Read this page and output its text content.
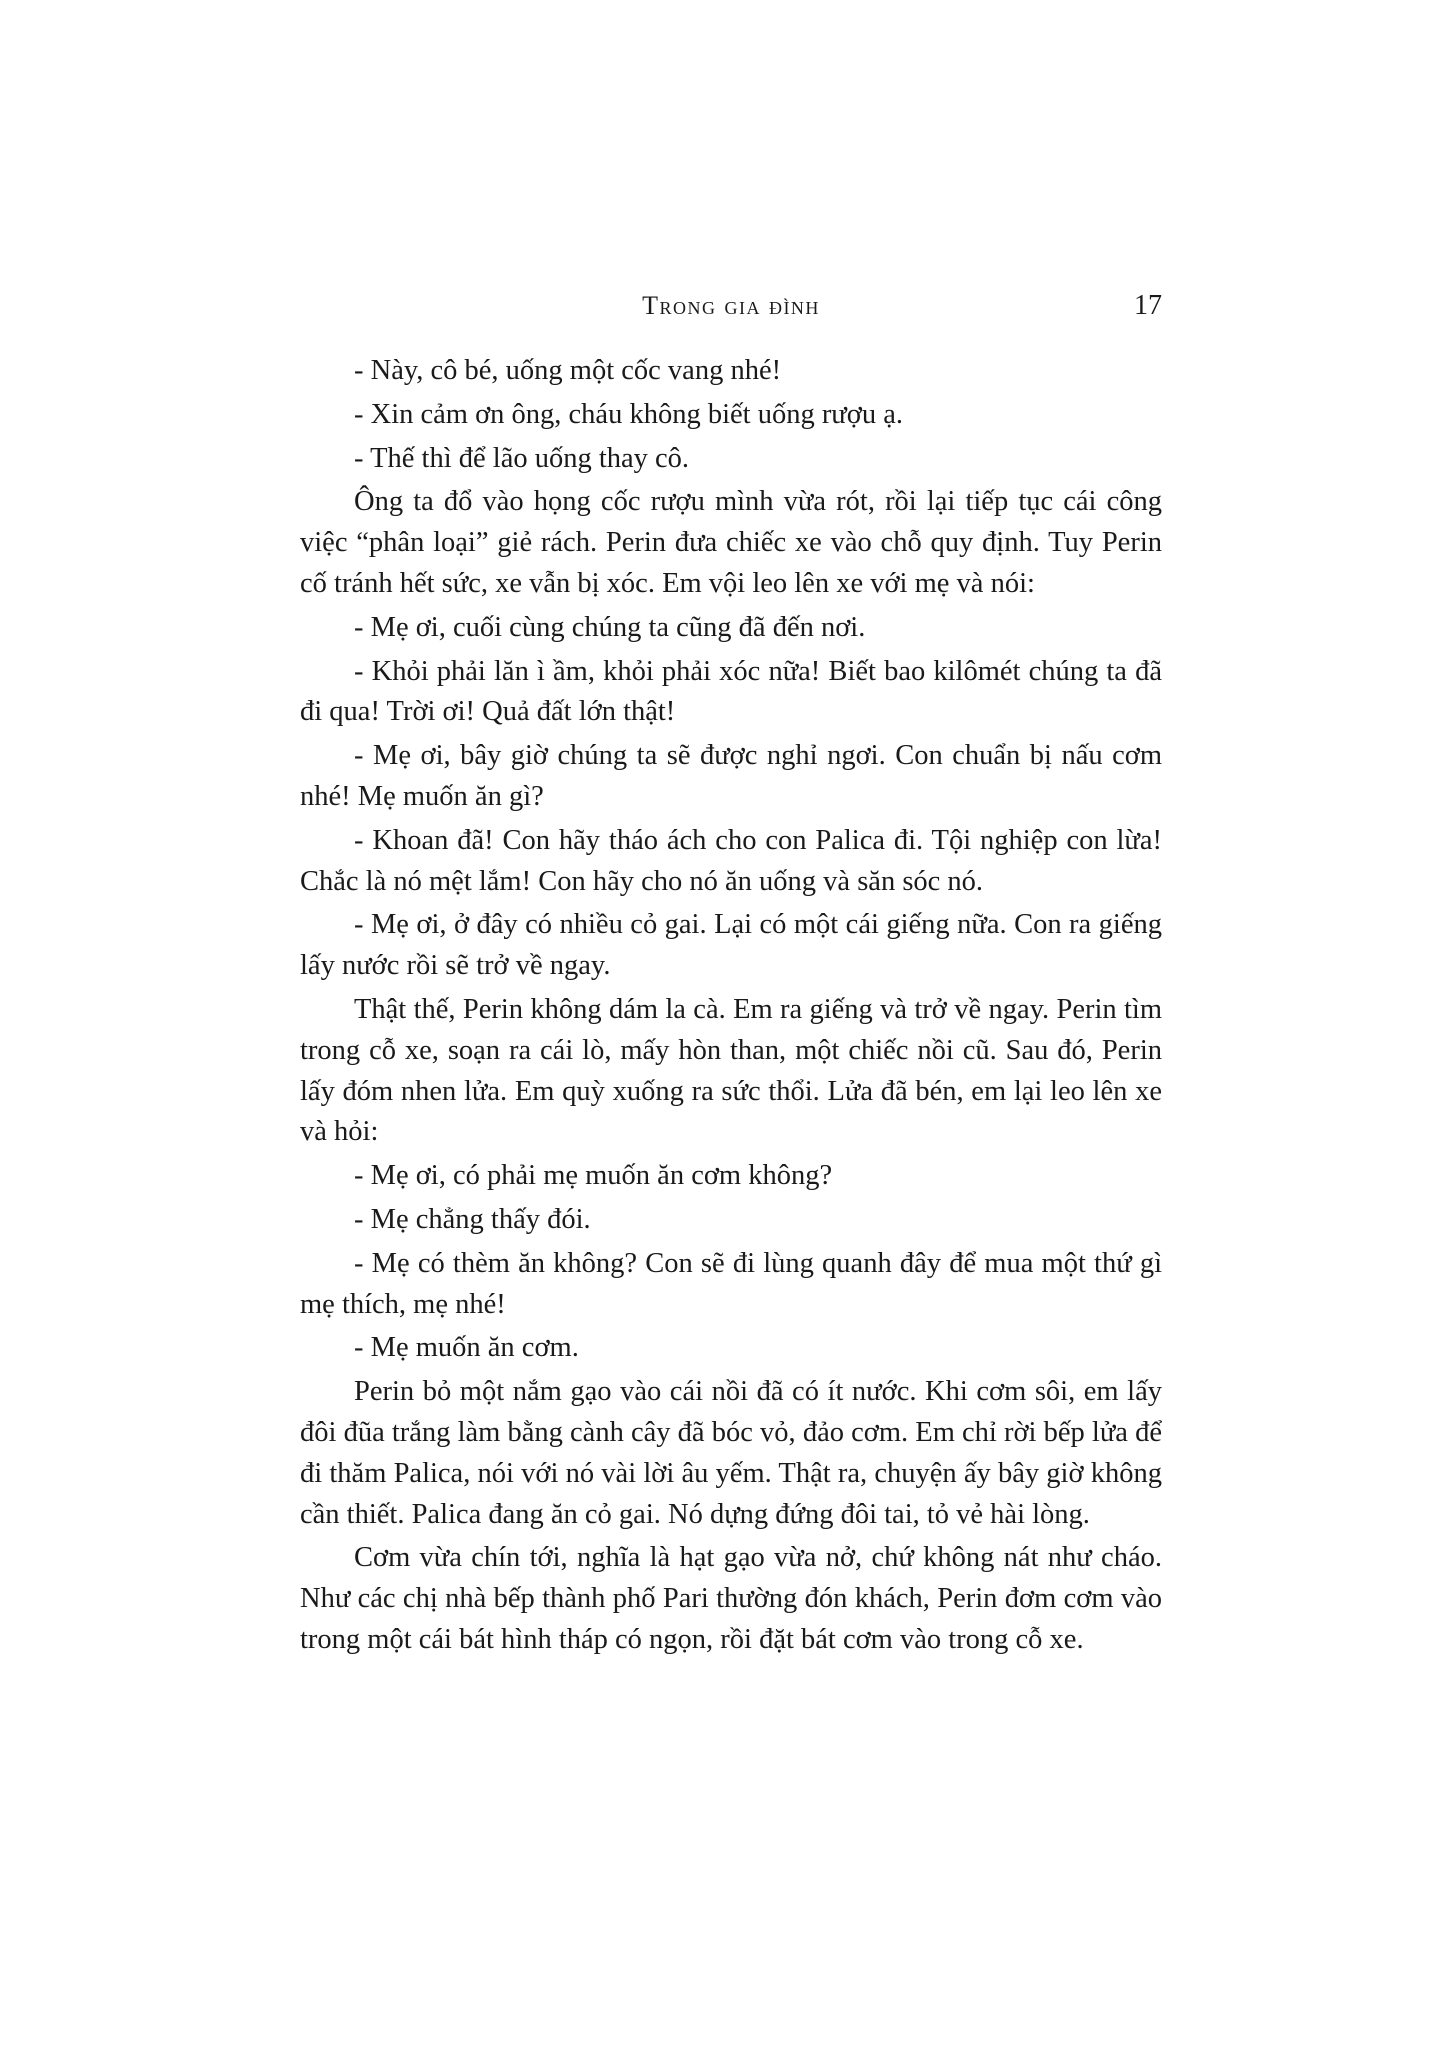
Trong gia đình	17

- Này, cô bé, uống một cốc vang nhé!

- Xin cảm ơn ông, cháu không biết uống rượu ạ.

- Thế thì để lão uống thay cô.

Ông ta đổ vào họng cốc rượu mình vừa rót, rồi lại tiếp tục cái công việc “phân loại” giẻ rách. Perin đưa chiếc xe vào chỗ quy định. Tuy Perin cố tránh hết sức, xe vẫn bị xóc. Em vội leo lên xe với mẹ và nói:

- Mẹ ơi, cuối cùng chúng ta cũng đã đến nơi.

- Khỏi phải lăn ì ầm, khỏi phải xóc nữa! Biết bao kilômét chúng ta đã đi qua! Trời ơi! Quả đất lớn thật!

- Mẹ ơi, bây giờ chúng ta sẽ được nghỉ ngơi. Con chuẩn bị nấu cơm nhé! Mẹ muốn ăn gì?

- Khoan đã! Con hãy tháo ách cho con Palica đi. Tội nghiệp con lừa! Chắc là nó mệt lắm! Con hãy cho nó ăn uống và săn sóc nó.

- Mẹ ơi, ở đây có nhiều cỏ gai. Lại có một cái giếng nữa. Con ra giếng lấy nước rồi sẽ trở về ngay.

Thật thế, Perin không dám la cà. Em ra giếng và trở về ngay. Perin tìm trong cỗ xe, soạn ra cái lò, mấy hòn than, một chiếc nồi cũ. Sau đó, Perin lấy đóm nhen lửa. Em quỳ xuống ra sức thổi. Lửa đã bén, em lại leo lên xe và hỏi:

- Mẹ ơi, có phải mẹ muốn ăn cơm không?

- Mẹ chẳng thấy đói.

- Mẹ có thèm ăn không? Con sẽ đi lùng quanh đây để mua một thứ gì mẹ thích, mẹ nhé!

- Mẹ muốn ăn cơm.

Perin bỏ một nắm gạo vào cái nồi đã có ít nước. Khi cơm sôi, em lấy đôi đũa trắng làm bằng cành cây đã bóc vỏ, đảo cơm. Em chỉ rời bếp lửa để đi thăm Palica, nói với nó vài lời âu yếm. Thật ra, chuyện ấy bây giờ không cần thiết. Palica đang ăn cỏ gai. Nó dựng đứng đôi tai, tỏ vẻ hài lòng.

Cơm vừa chín tới, nghĩa là hạt gạo vừa nở, chứ không nát như cháo. Như các chị nhà bếp thành phố Pari thường đón khách, Perin đơm cơm vào trong một cái bát hình tháp có ngọn, rồi đặt bát cơm vào trong cỗ xe.
